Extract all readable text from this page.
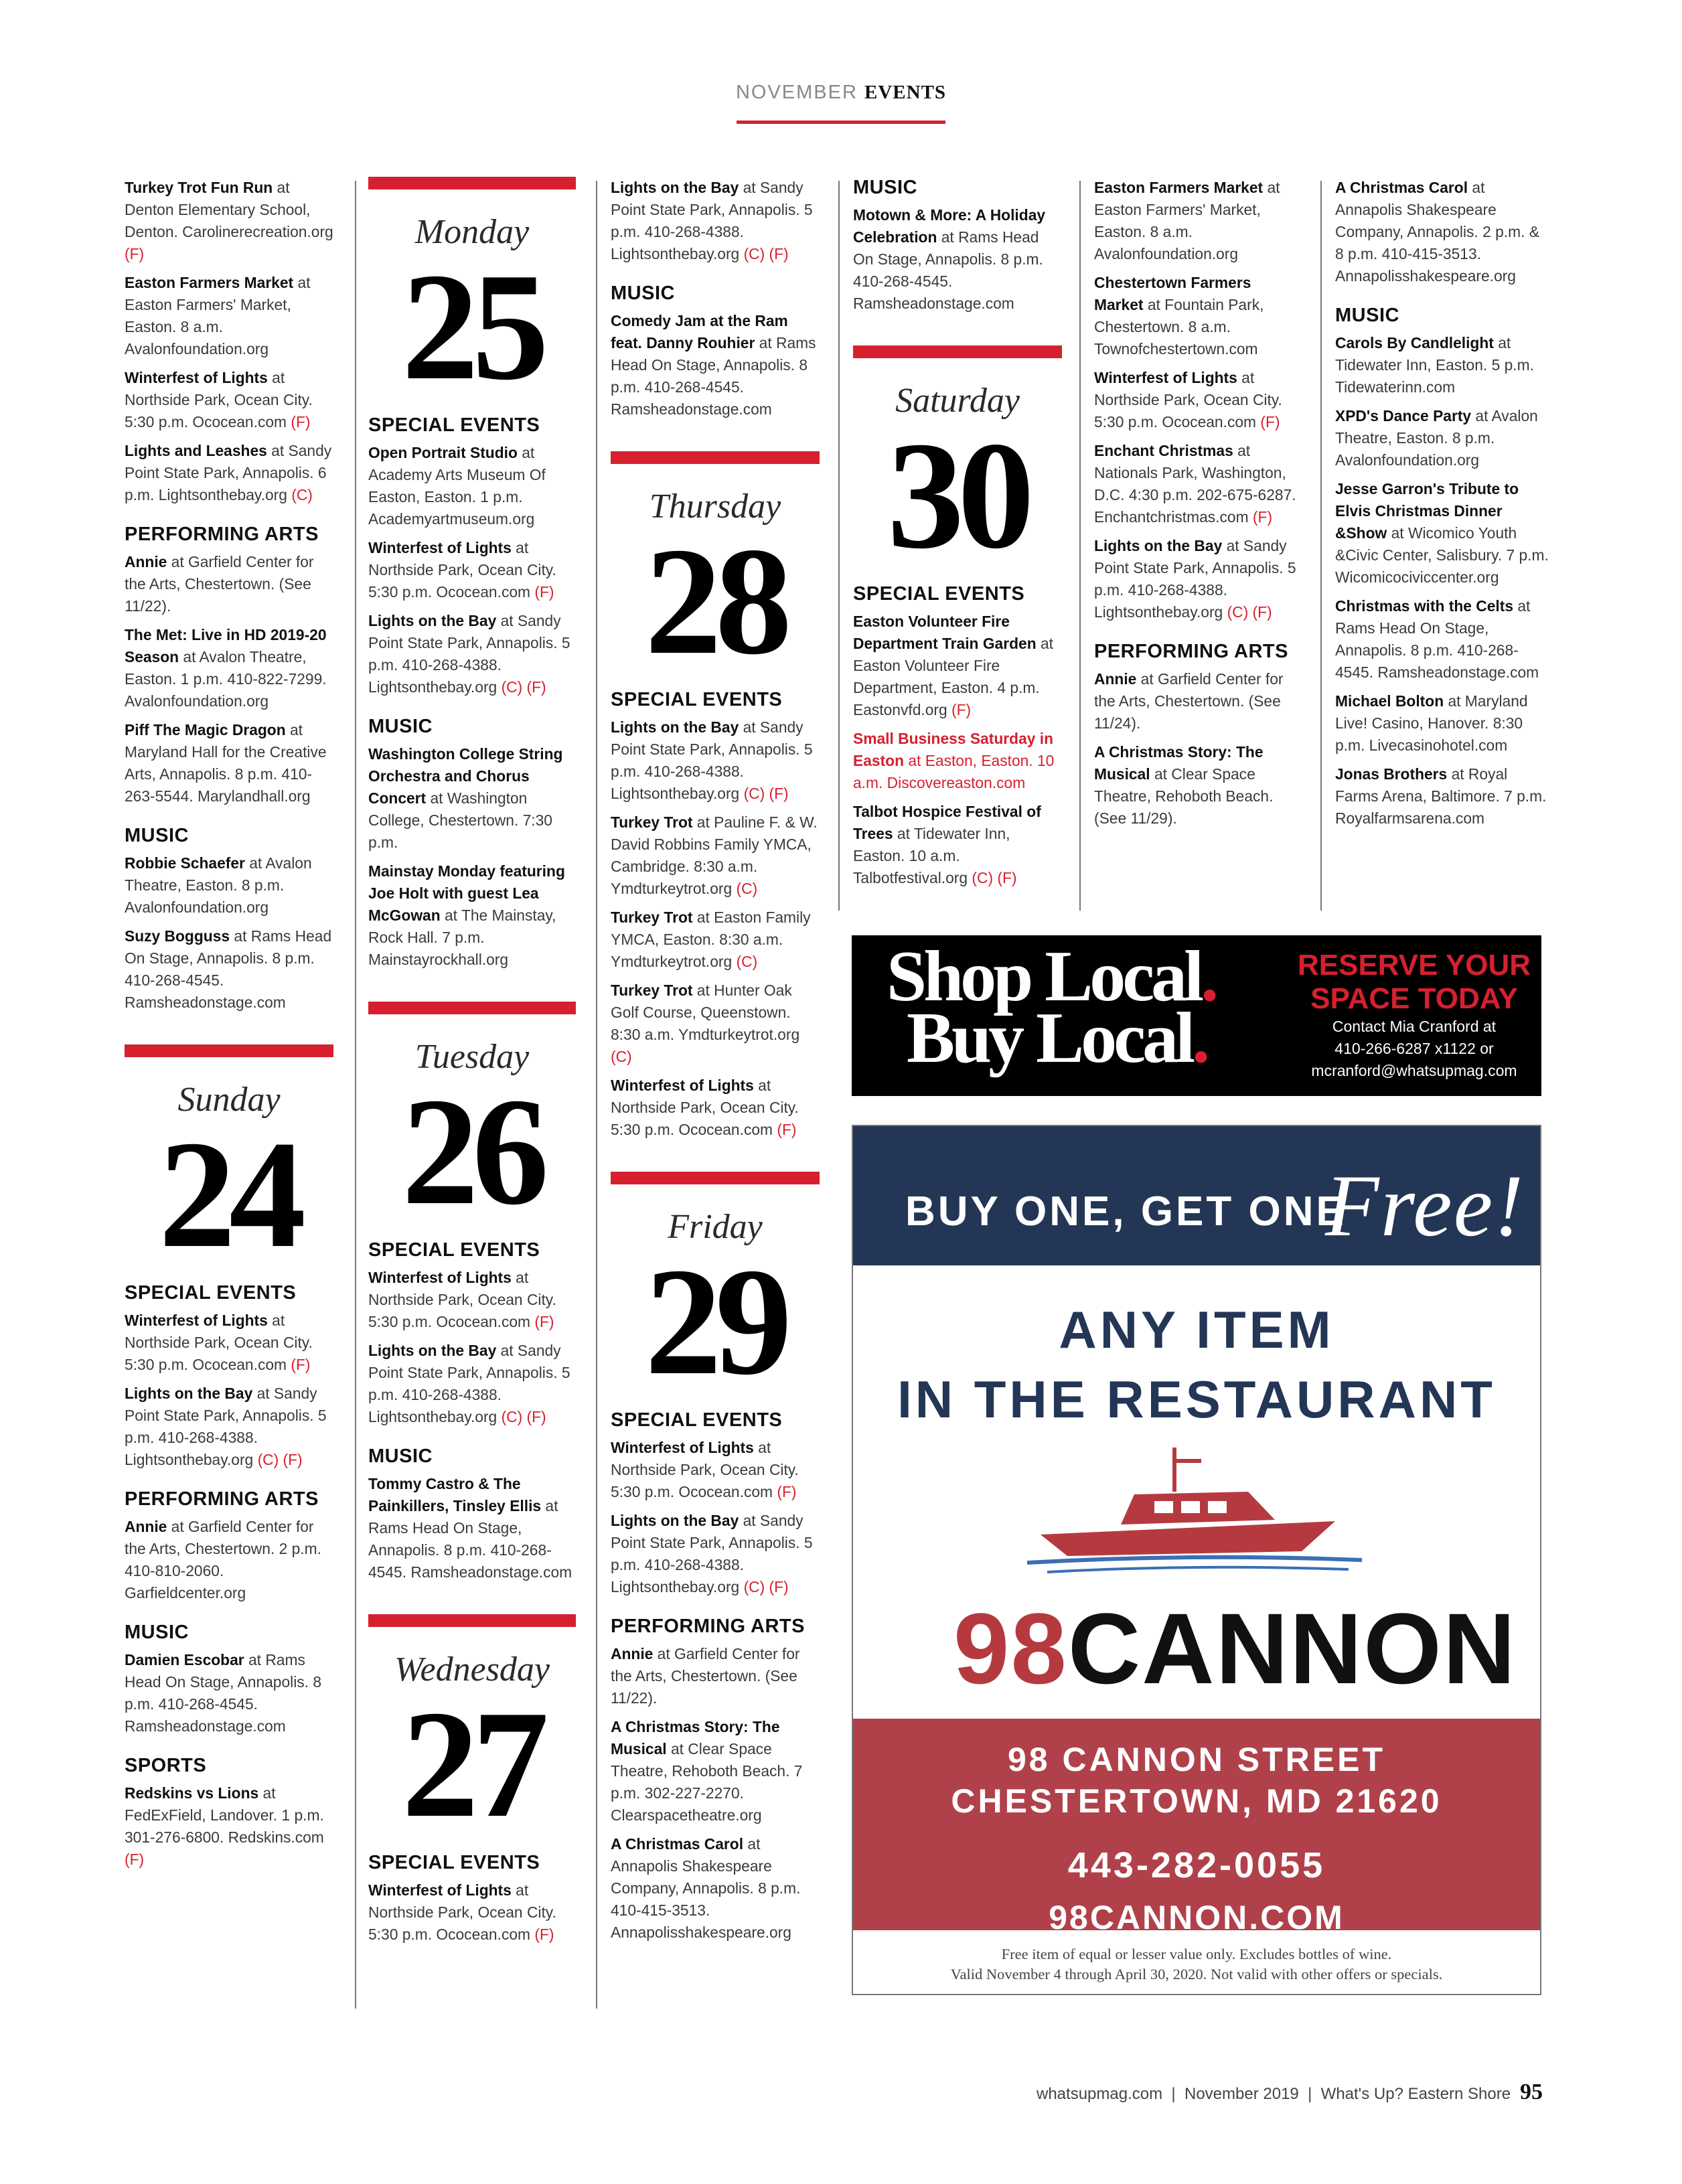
NOVEMBER EVENTS
Turkey Trot Fun Run at Denton Elementary School, Denton. Carolinerecreation.org (F)
Easton Farmers Market at Easton Farmers' Market, Easton. 8 a.m. Avalonfoundation.org
Winterfest of Lights at Northside Park, Ocean City. 5:30 p.m. Ococean.com (F)
Lights and Leashes at Sandy Point State Park, Annapolis. 6 p.m. Lightsonthebay.org (C)
PERFORMING ARTS
Annie at Garfield Center for the Arts, Chestertown. (See 11/22).
The Met: Live in HD 2019-20 Season at Avalon Theatre, Easton. 1 p.m. 410-822-7299. Avalonfoundation.org
Piff The Magic Dragon at Maryland Hall for the Creative Arts, Annapolis. 8 p.m. 410-263-5544. Marylandhall.org
MUSIC
Robbie Schaefer at Avalon Theatre, Easton. 8 p.m. Avalonfoundation.org
Suzy Bogguss at Rams Head On Stage, Annapolis. 8 p.m. 410-268-4545. Ramsheadonstage.com
Sunday
24
SPECIAL EVENTS
Winterfest of Lights at Northside Park, Ocean City. 5:30 p.m. Ococean.com (F)
Lights on the Bay at Sandy Point State Park, Annapolis. 5 p.m. 410-268-4388. Lightsonthebay.org (C) (F)
PERFORMING ARTS
Annie at Garfield Center for the Arts, Chestertown. 2 p.m. 410-810-2060. Garfieldcenter.org
MUSIC
Damien Escobar at Rams Head On Stage, Annapolis. 8 p.m. 410-268-4545. Ramsheadonstage.com
SPORTS
Redskins vs Lions at FedExField, Landover. 1 p.m. 301-276-6800. Redskins.com (F)
Monday
25
SPECIAL EVENTS
Open Portrait Studio at Academy Arts Museum Of Easton, Easton. 1 p.m. Academyartmuseum.org
Winterfest of Lights at Northside Park, Ocean City. 5:30 p.m. Ococean.com (F)
Lights on the Bay at Sandy Point State Park, Annapolis. 5 p.m. 410-268-4388. Lightsonthebay.org (C) (F)
MUSIC
Washington College String Orchestra and Chorus Concert at Washington College, Chestertown. 7:30 p.m.
Mainstay Monday featuring Joe Holt with guest Lea McGowan at The Mainstay, Rock Hall. 7 p.m. Mainstayrockhall.org
Tuesday
26
SPECIAL EVENTS
Winterfest of Lights at Northside Park, Ocean City. 5:30 p.m. Ococean.com (F)
Lights on the Bay at Sandy Point State Park, Annapolis. 5 p.m. 410-268-4388. Lightsonthebay.org (C) (F)
MUSIC
Tommy Castro & The Painkillers, Tinsley Ellis at Rams Head On Stage, Annapolis. 8 p.m. 410-268-4545. Ramsheadonstage.com
Wednesday
27
SPECIAL EVENTS
Winterfest of Lights at Northside Park, Ocean City. 5:30 p.m. Ococean.com (F)
Lights on the Bay at Sandy Point State Park, Annapolis. 5 p.m. 410-268-4388. Lightsonthebay.org (C) (F)
MUSIC
Comedy Jam at the Ram feat. Danny Rouhier at Rams Head On Stage, Annapolis. 8 p.m. 410-268-4545. Ramsheadonstage.com
Thursday
28
SPECIAL EVENTS
Lights on the Bay at Sandy Point State Park, Annapolis. 5 p.m. 410-268-4388. Lightsonthebay.org (C) (F)
Turkey Trot at Pauline F. & W. David Robbins Family YMCA, Cambridge. 8:30 a.m. Ymdturkeytrot.org (C)
Turkey Trot at Easton Family YMCA, Easton. 8:30 a.m. Ymdturkeytrot.org (C)
Turkey Trot at Hunter Oak Golf Course, Queenstown. 8:30 a.m. Ymdturkeytrot.org (C)
Winterfest of Lights at Northside Park, Ocean City. 5:30 p.m. Ococean.com (F)
Friday
29
SPECIAL EVENTS
Winterfest of Lights at Northside Park, Ocean City. 5:30 p.m. Ococean.com (F)
Lights on the Bay at Sandy Point State Park, Annapolis. 5 p.m. 410-268-4388. Lightsonthebay.org (C) (F)
PERFORMING ARTS
Annie at Garfield Center for the Arts, Chestertown. (See 11/22).
A Christmas Story: The Musical at Clear Space Theatre, Rehoboth Beach. 7 p.m. 302-227-2270. Clearspacetheatre.org
A Christmas Carol at Annapolis Shakespeare Company, Annapolis. 8 p.m. 410-415-3513. Annapolisshakespeare.org
MUSIC
Motown & More: A Holiday Celebration at Rams Head On Stage, Annapolis. 8 p.m. 410-268-4545. Ramsheadonstage.com
Saturday
30
SPECIAL EVENTS
Easton Volunteer Fire Department Train Garden at Easton Volunteer Fire Department, Easton. 4 p.m. Eastonvfd.org (F)
Small Business Saturday in Easton at Easton, Easton. 10 a.m. Discovereaston.com
Talbot Hospice Festival of Trees at Tidewater Inn, Easton. 10 a.m. Talbotfestival.org (C) (F)
Easton Farmers Market at Easton Farmers' Market, Easton. 8 a.m. Avalonfoundation.org
Chestertown Farmers Market at Fountain Park, Chestertown. 8 a.m. Townofchestertown.com
Winterfest of Lights at Northside Park, Ocean City. 5:30 p.m. Ococean.com (F)
Enchant Christmas at Nationals Park, Washington, D.C. 4:30 p.m. 202-675-6287. Enchantchristmas.com (F)
Lights on the Bay at Sandy Point State Park, Annapolis. 5 p.m. 410-268-4388. Lightsonthebay.org (C) (F)
PERFORMING ARTS
Annie at Garfield Center for the Arts, Chestertown. (See 11/24).
A Christmas Story: The Musical at Clear Space Theatre, Rehoboth Beach. (See 11/29).
A Christmas Carol at Annapolis Shakespeare Company, Annapolis. 2 p.m. & 8 p.m. 410-415-3513. Annapolisshakespeare.org
MUSIC
Carols By Candlelight at Tidewater Inn, Easton. 5 p.m. Tidewaterinn.com
XPD's Dance Party at Avalon Theatre, Easton. 8 p.m. Avalonfoundation.org
Jesse Garron's Tribute to Elvis Christmas Dinner &Show at Wicomico Youth &Civic Center, Salisbury. 7 p.m. Wicomicociviccenter.org
Christmas with the Celts at Rams Head On Stage, Annapolis. 8 p.m. 410-268-4545. Ramsheadonstage.com
Michael Bolton at Maryland Live! Casino, Hanover. 8:30 p.m. Livecasinohotel.com
Jonas Brothers at Royal Farms Arena, Baltimore. 7 p.m. Royalfarmsarena.com
Shop Local.
Buy Local.
RESERVE YOUR SPACE TODAY
Contact Mia Cranford at
410-266-6287 x1122 or
mcranford@whatsupmag.com
BUY ONE, GET ONE
Free!
ANY ITEM
IN THE RESTAURANT
98CANNON
98 CANNON STREET
CHESTERTOWN, MD 21620
443-282-0055
98CANNON.COM
Free item of equal or lesser value only. Excludes bottles of wine.
Valid November 4 through April 30, 2020. Not valid with other offers or specials.
whatsupmag.com  |  November 2019  |  What's Up? Eastern Shore 95
